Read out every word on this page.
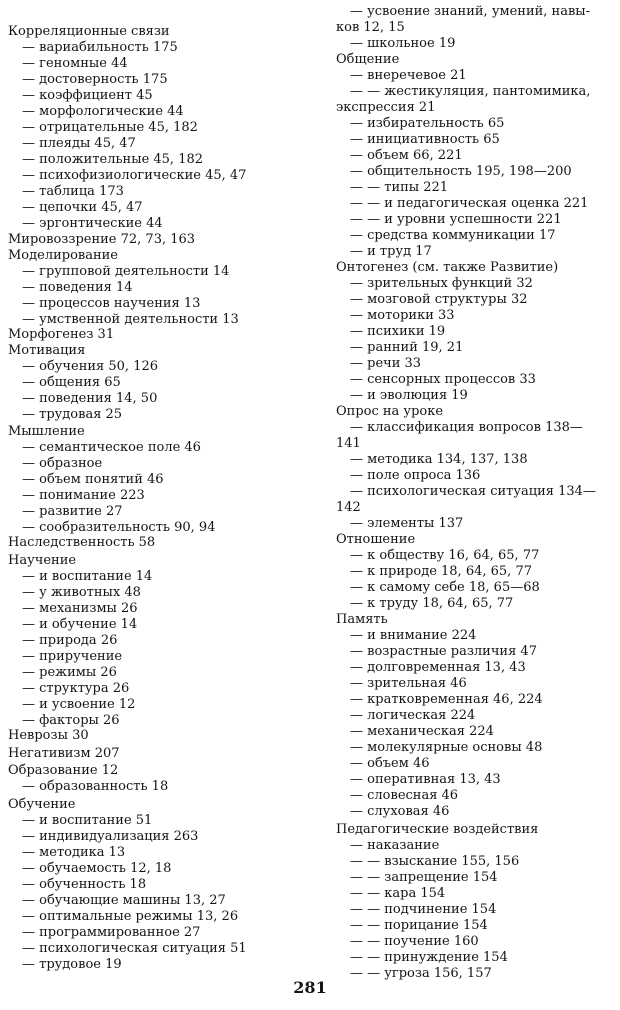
Корреляционные связи
— вариабильность 175
— геномные 44
— достоверность 175
— коэффициент 45
— морфологические 44
— отрицательные 45, 182
— плеяды 45, 47
— положительные 45, 182
— психофизиологические 45, 47
— таблица 173
— цепочки 45, 47
— эргонтические 44
Мировоззрение 72, 73, 163
Моделирование
— групповой деятельности 14
— поведения 14
— процессов научения 13
— умственной деятельности 13
Морфогенез 31
Мотивация
— обучения 50, 126
— общения 65
— поведения 14, 50
— трудовая 25
Мышление
— семантическое поле 46
— образное
— объем понятий 46
— понимание 223
— развитие 27
— сообразительность 90, 94
Наследственность 58
Научение
— и воспитание 14
— у животных 48
— механизмы 26
— и обучение 14
— природа 26
— приручение
— режимы 26
— структура 26
— и усвоение 12
— факторы 26
Неврозы 30
Негативизм 207
Образование 12
— образованность 18
Обучение
— и воспитание 51
— индивидуализация 263
— методика 13
— обучаемость 12, 18
— обученность 18
— обучающие машины 13, 27
— оптимальные режимы 13, 26
— программированное 27
— психологическая ситуация 51
— трудовое 19
— усвоение знаний, умений, навы-
ков 12, 15
— школьное 19
Общение
— внеречевое 21
— — жестикуляция, пантомимика,
экспрессия 21
— избирательность 65
— инициативность 65
— объем 66, 221
— общительность 195, 198—200
— — типы 221
— — и педагогическая оценка 221
— — и уровни успешности 221
— средства коммуникации 17
— и труд 17
Онтогенез (см. также Развитие)
— зрительных функций 32
— мозговой структуры 32
— моторики 33
— психики 19
— ранний 19, 21
— речи 33
— сенсорных процессов 33
— и эволюция 19
Опрос на уроке
— классификация вопросов 138—
141
— методика 134, 137, 138
— поле опроса 136
— психологическая ситуация 134—
142
— элементы 137
Отношение
— к обществу 16, 64, 65, 77
— к природе 18, 64, 65, 77
— к самому себе 18, 65—68
— к труду 18, 64, 65, 77
Память
— и внимание 224
— возрастные различия 47
— долговременная 13, 43
— зрительная 46
— кратковременная 46, 224
— логическая 224
— механическая 224
— молекулярные основы 48
— объем 46
— оперативная 13, 43
— словесная 46
— слуховая 46
Педагогические воздействия
— наказание
— — взыскание 155, 156
— — запрещение 154
— — кара 154
— — подчинение 154
— — порицание 154
— — поучение 160
— — принуждение 154
— — угроза 156, 157
281
